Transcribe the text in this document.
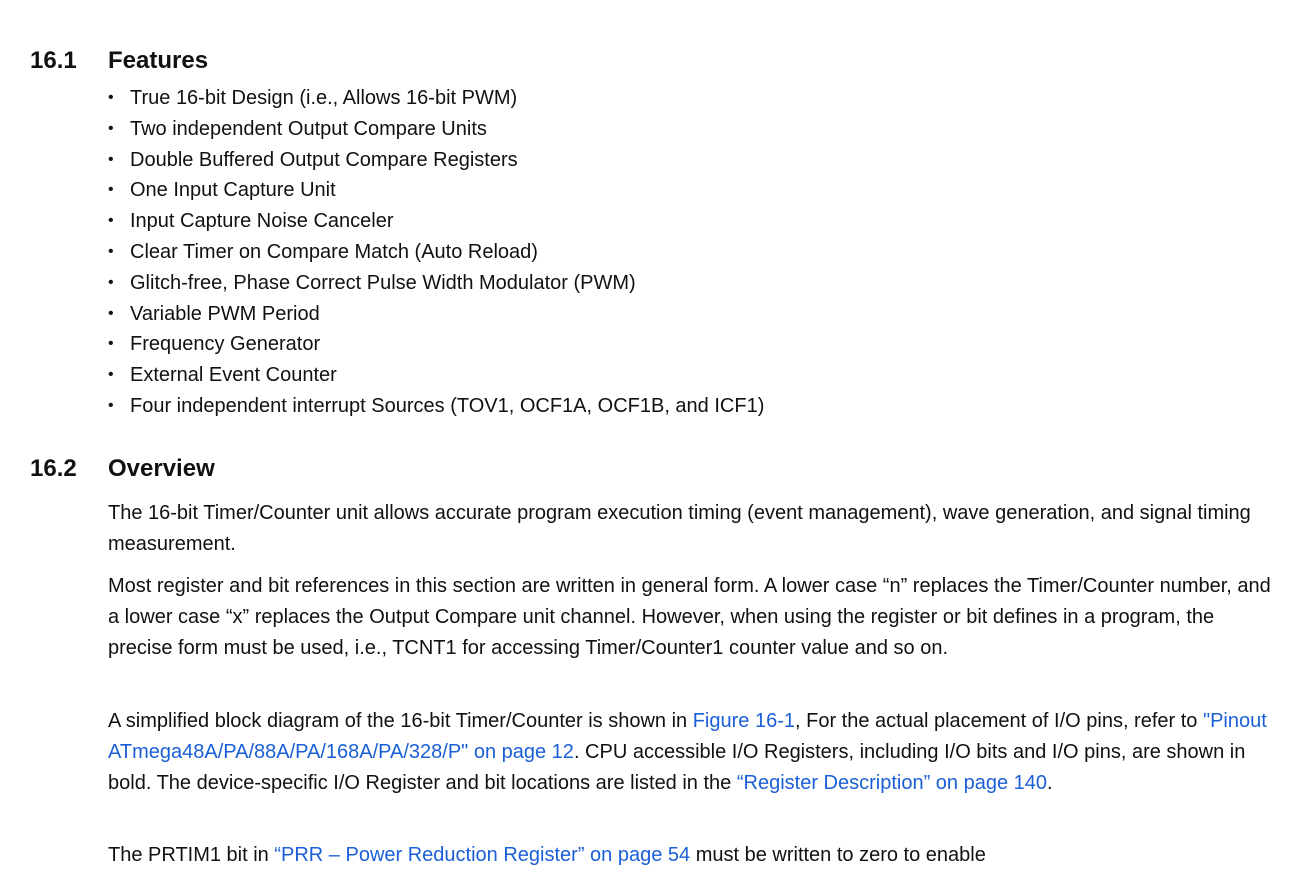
16.1 Features
• True 16-bit Design (i.e., Allows 16-bit PWM)
• Two independent Output Compare Units
• Double Buffered Output Compare Registers
• One Input Capture Unit
• Input Capture Noise Canceler
• Clear Timer on Compare Match (Auto Reload)
• Glitch-free, Phase Correct Pulse Width Modulator (PWM)
• Variable PWM Period
• Frequency Generator
• External Event Counter
• Four independent interrupt Sources (TOV1, OCF1A, OCF1B, and ICF1)
16.2 Overview

The 16-bit Timer/Counter unit allows accurate program execution timing (event management), wave generation, and signal timing measurement.

Most register and bit references in this section are written in general form. A lower case “n” replaces the Timer/Counter number, and a lower case “x” replaces the Output Compare unit channel. However, when using the register or bit defines in a program, the precise form must be used, i.e., TCNT1 for accessing Timer/Counter1 counter value and so on.

A simplified block diagram of the 16-bit Timer/Counter is shown in Figure 16-1, For the actual placement of I/O pins, refer to "Pinout ATmega48A/PA/88A/PA/168A/PA/328/P" on page 12. CPU accessible I/O Registers, including I/O bits and I/O pins, are shown in bold. The device-specific I/O Register and bit locations are listed in the “Register Description” on page 140.

The PRTIM1 bit in “PRR – Power Reduction Register” on page 54 must be written to zero to enable
